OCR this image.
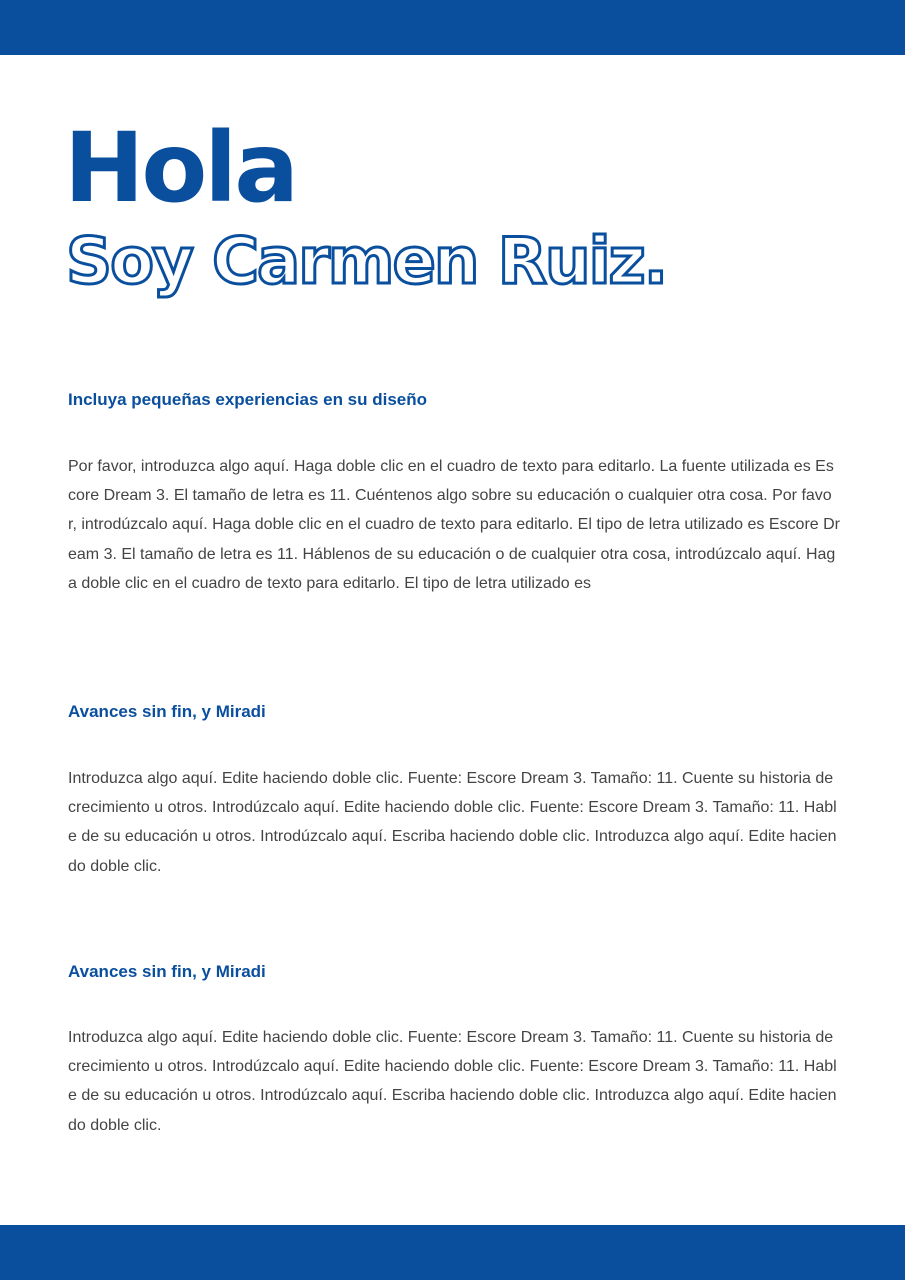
Hola
Soy Carmen Ruiz.
Incluya pequeñas experiencias en su diseño

Por favor, introduzca algo aquí. Haga doble clic en el cuadro de texto para editarlo. La fuente utilizada es Escore Dream 3. El tamaño de letra es 11. Cuéntenos algo sobre su educación o cualquier otra cosa. Por favor, introdúzcalo aquí. Haga doble clic en el cuadro de texto para editarlo. El tipo de letra utilizado es Escore Dream 3. El tamaño de letra es 11. Háblenos de su educación o de cualquier otra cosa, introdúzcalo aquí. Haga doble clic en el cuadro de texto para editarlo. El tipo de letra utilizado es

Avances sin fin, y Miradi

Introduzca algo aquí. Edite haciendo doble clic. Fuente: Escore Dream 3. Tamaño: 11. Cuente su historia de crecimiento u otros. Introdúzcalo aquí. Edite haciendo doble clic. Fuente: Escore Dream 3. Tamaño: 11. Hable de su educación u otros. Introdúzcalo aquí. Escriba haciendo doble clic. Introduzca algo aquí. Edite haciendo doble clic.

Avances sin fin, y Miradi

Introduzca algo aquí. Edite haciendo doble clic. Fuente: Escore Dream 3. Tamaño: 11. Cuente su historia de crecimiento u otros. Introdúzcalo aquí. Edite haciendo doble clic. Fuente: Escore Dream 3. Tamaño: 11. Hable de su educación u otros. Introdúzcalo aquí. Escriba haciendo doble clic. Introduzca algo aquí. Edite haciendo doble clic.
